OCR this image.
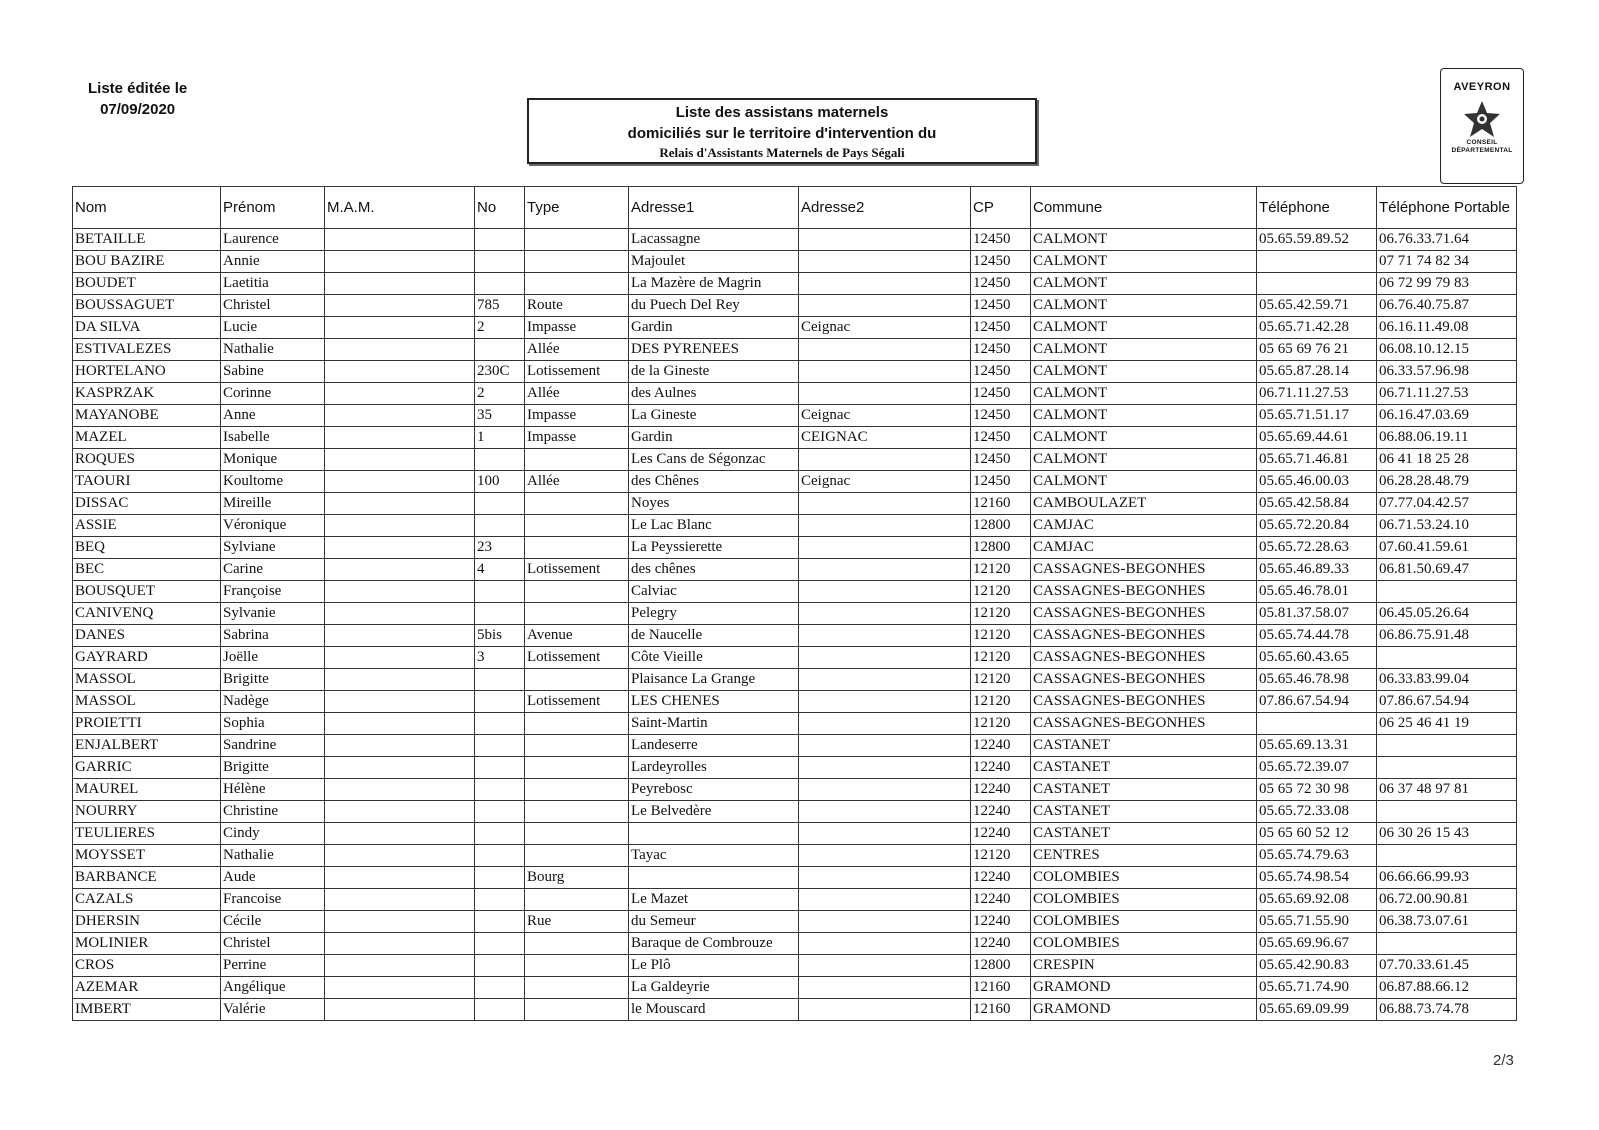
Liste éditée le
07/09/2020	Liste des assistans maternels
domiciliés sur le territoire d'intervention du
Relais d'Assistants Maternels de Pays Ségali
AVEYRON
CONSEIL
DÉPARTEMENTAL
Nom	Prénom	M.A.M.	No	Type	Adresse1	Adresse2	CP	Commune	Téléphone	Téléphone Portable
BETAILLE	Laurence				Lacassagne		12450	CALMONT	05.65.59.89.52	06.76.33.71.64
BOU BAZIRE	Annie				Majoulet		12450	CALMONT		07 71 74 82 34
BOUDET	Laetitia				La Mazère de Magrin		12450	CALMONT		06 72 99 79 83
BOUSSAGUET	Christel		785	Route	du Puech Del Rey		12450	CALMONT	05.65.42.59.71	06.76.40.75.87
DA SILVA	Lucie		2	Impasse	Gardin	Ceignac	12450	CALMONT	05.65.71.42.28	06.16.11.49.08
ESTIVALEZES	Nathalie			Allée	DES PYRENEES		12450	CALMONT	05 65 69 76 21	06.08.10.12.15
HORTELANO	Sabine		230C	Lotissement	de la Gineste		12450	CALMONT	05.65.87.28.14	06.33.57.96.98
KASPRZAK	Corinne		2	Allée	des Aulnes		12450	CALMONT	06.71.11.27.53	06.71.11.27.53
MAYANOBE	Anne		35	Impasse	La Gineste	Ceignac	12450	CALMONT	05.65.71.51.17	06.16.47.03.69
MAZEL	Isabelle		1	Impasse	Gardin	CEIGNAC	12450	CALMONT	05.65.69.44.61	06.88.06.19.11
ROQUES	Monique				Les Cans de Ségonzac		12450	CALMONT	05.65.71.46.81	06 41 18 25 28
TAOURI	Koultome		100	Allée	des Chênes	Ceignac	12450	CALMONT	05.65.46.00.03	06.28.28.48.79
DISSAC	Mireille				Noyes		12160	CAMBOULAZET	05.65.42.58.84	07.77.04.42.57
ASSIE	Véronique				Le Lac Blanc		12800	CAMJAC	05.65.72.20.84	06.71.53.24.10
BEQ	Sylviane		23		La Peyssierette		12800	CAMJAC	05.65.72.28.63	07.60.41.59.61
BEC	Carine		4	Lotissement	des chênes		12120	CASSAGNES-BEGONHES	05.65.46.89.33	06.81.50.69.47
BOUSQUET	Françoise				Calviac		12120	CASSAGNES-BEGONHES	05.65.46.78.01	
CANIVENQ	Sylvanie				Pelegry		12120	CASSAGNES-BEGONHES	05.81.37.58.07	06.45.05.26.64
DANES	Sabrina		5bis	Avenue	de Naucelle		12120	CASSAGNES-BEGONHES	05.65.74.44.78	06.86.75.91.48
GAYRARD	Joëlle		3	Lotissement	Côte Vieille		12120	CASSAGNES-BEGONHES	05.65.60.43.65	
MASSOL	Brigitte				Plaisance La Grange		12120	CASSAGNES-BEGONHES	05.65.46.78.98	06.33.83.99.04
MASSOL	Nadège			Lotissement	LES CHENES		12120	CASSAGNES-BEGONHES	07.86.67.54.94	07.86.67.54.94
PROIETTI	Sophia				Saint-Martin		12120	CASSAGNES-BEGONHES		06 25 46 41 19
ENJALBERT	Sandrine				Landeserre		12240	CASTANET	05.65.69.13.31	
GARRIC	Brigitte				Lardeyrolles		12240	CASTANET	05.65.72.39.07	
MAUREL	Hélène				Peyrebosc		12240	CASTANET	05 65 72 30 98	06 37 48 97 81
NOURRY	Christine				Le Belvedère		12240	CASTANET	05.65.72.33.08	
TEULIERES	Cindy						12240	CASTANET	05 65 60 52 12	06 30 26 15 43
MOYSSET	Nathalie				Tayac		12120	CENTRES	05.65.74.79.63	
BARBANCE	Aude			Bourg			12240	COLOMBIES	05.65.74.98.54	06.66.66.99.93
CAZALS	Francoise				Le Mazet		12240	COLOMBIES	05.65.69.92.08	06.72.00.90.81
DHERSIN	Cécile			Rue	du Semeur		12240	COLOMBIES	05.65.71.55.90	06.38.73.07.61
MOLINIER	Christel				Baraque de Combrouze		12240	COLOMBIES	05.65.69.96.67	
CROS	Perrine				Le Plô		12800	CRESPIN	05.65.42.90.83	07.70.33.61.45
AZEMAR	Angélique				La Galdeyrie		12160	GRAMOND	05.65.71.74.90	06.87.88.66.12
IMBERT	Valérie				le Mouscard		12160	GRAMOND	05.65.69.09.99	06.88.73.74.78
2/3
